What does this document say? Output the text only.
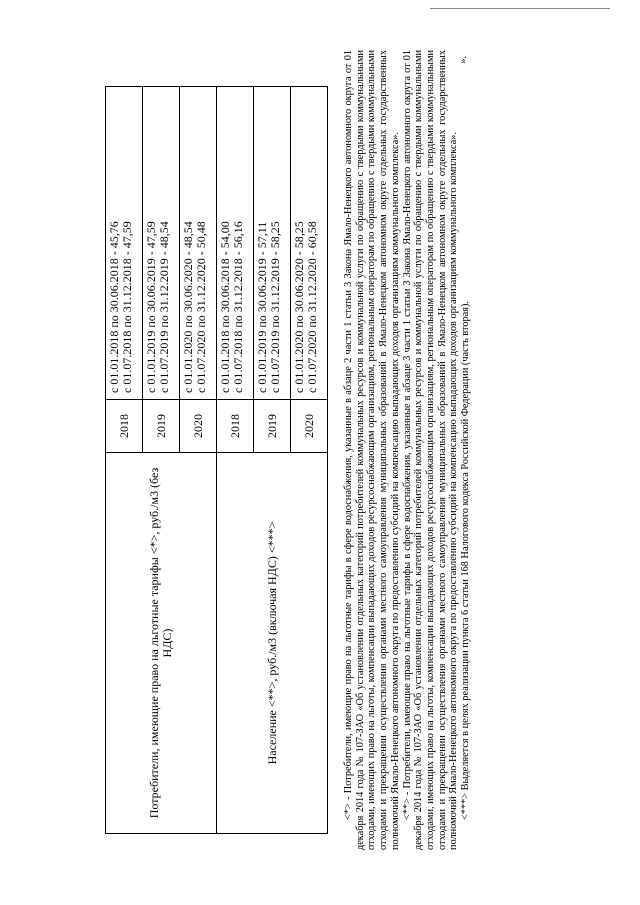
Потребители, имеющие право на льготные тарифы <*>, руб./м3 (без НДС)	2018	с 01.01.2018 по 30.06.2018 - 45,76 с 01.07.2018 по 31.12.2018 - 47,59

	2019	с 01.01.2019 по 30.06.2019 - 47,59 с 01.07.2019 по 31.12.2019 - 48,54

	2020	с 01.01.2020 по 30.06.2020 - 48,54 с 01.07.2020 по 31.12.2020 - 50,48

Население <**>, руб./м3 (включая НДС) <***>	2018	с 01.01.2018 по 30.06.2018 - 54,00 с 01.07.2018 по 31.12.2018 - 56,16

	2019	с 01.01.2019 по 30.06.2019 - 57,11 с 01.07.2019 по 31.12.2019 - 58,25

	2020	с 01.01.2020 по 30.06.2020 - 58,25 с 01.07.2020 по 31.12.2020 - 60,58 <*> - Потребители, имеющие право на льготные тарифы в сфере водоснабжения, указанные в абзаце 2 части 1 статьи 3 Закона Ямало-Ненецкого автономного округа от 01 декабря 2014 года № 107-ЗАО «Об установлении отдельных категорий потребителей коммунальных ресурсов и коммунальной услуги по обращению с твердыми коммунальными отходами, имеющих право на льготы, компенсации выпадающих доходов ресурсоснабжающим организациям, региональным операторам по обращению с твердыми коммунальными отходами и прекращении осуществления органами местного самоуправления муниципальных образований в Ямало-Ненецком автономном округе отдельных государственных полномочий Ямало-Ненецкого автономного округа по предоставлению субсидий на компенсацию выпадающих доходов организациям коммунального комплекса». <**> - Потребители, имеющие право на льготные тарифы в сфере водоснабжения, указанные в абзаце 3 части 1 статьи 3 Закона Ямало-Ненецкого автономного округа от 01 декабря 2014 года № 107-ЗАО «Об установлении отдельных категорий потребителей коммунальных ресурсов и коммунальной услуги по обращению с твердыми коммунальными отходами, имеющих право на льготы, компенсации выпадающих доходов ресурсоснабжающим организациям, региональным операторам по обращению с твердыми коммунальными отходами и прекращении осуществления органами местного самоуправления муниципальных образований в Ямало-Ненецком автономном округе отдельных государственных полномочий Ямало-Ненецкого автономного округа по предоставлению субсидий на компенсацию выпадающих доходов организациям коммунального комплекса». <***> Выделяется в целях реализации пункта 6 статьи 168 Налогового кодекса Российской Федерации (часть вторая).

».
